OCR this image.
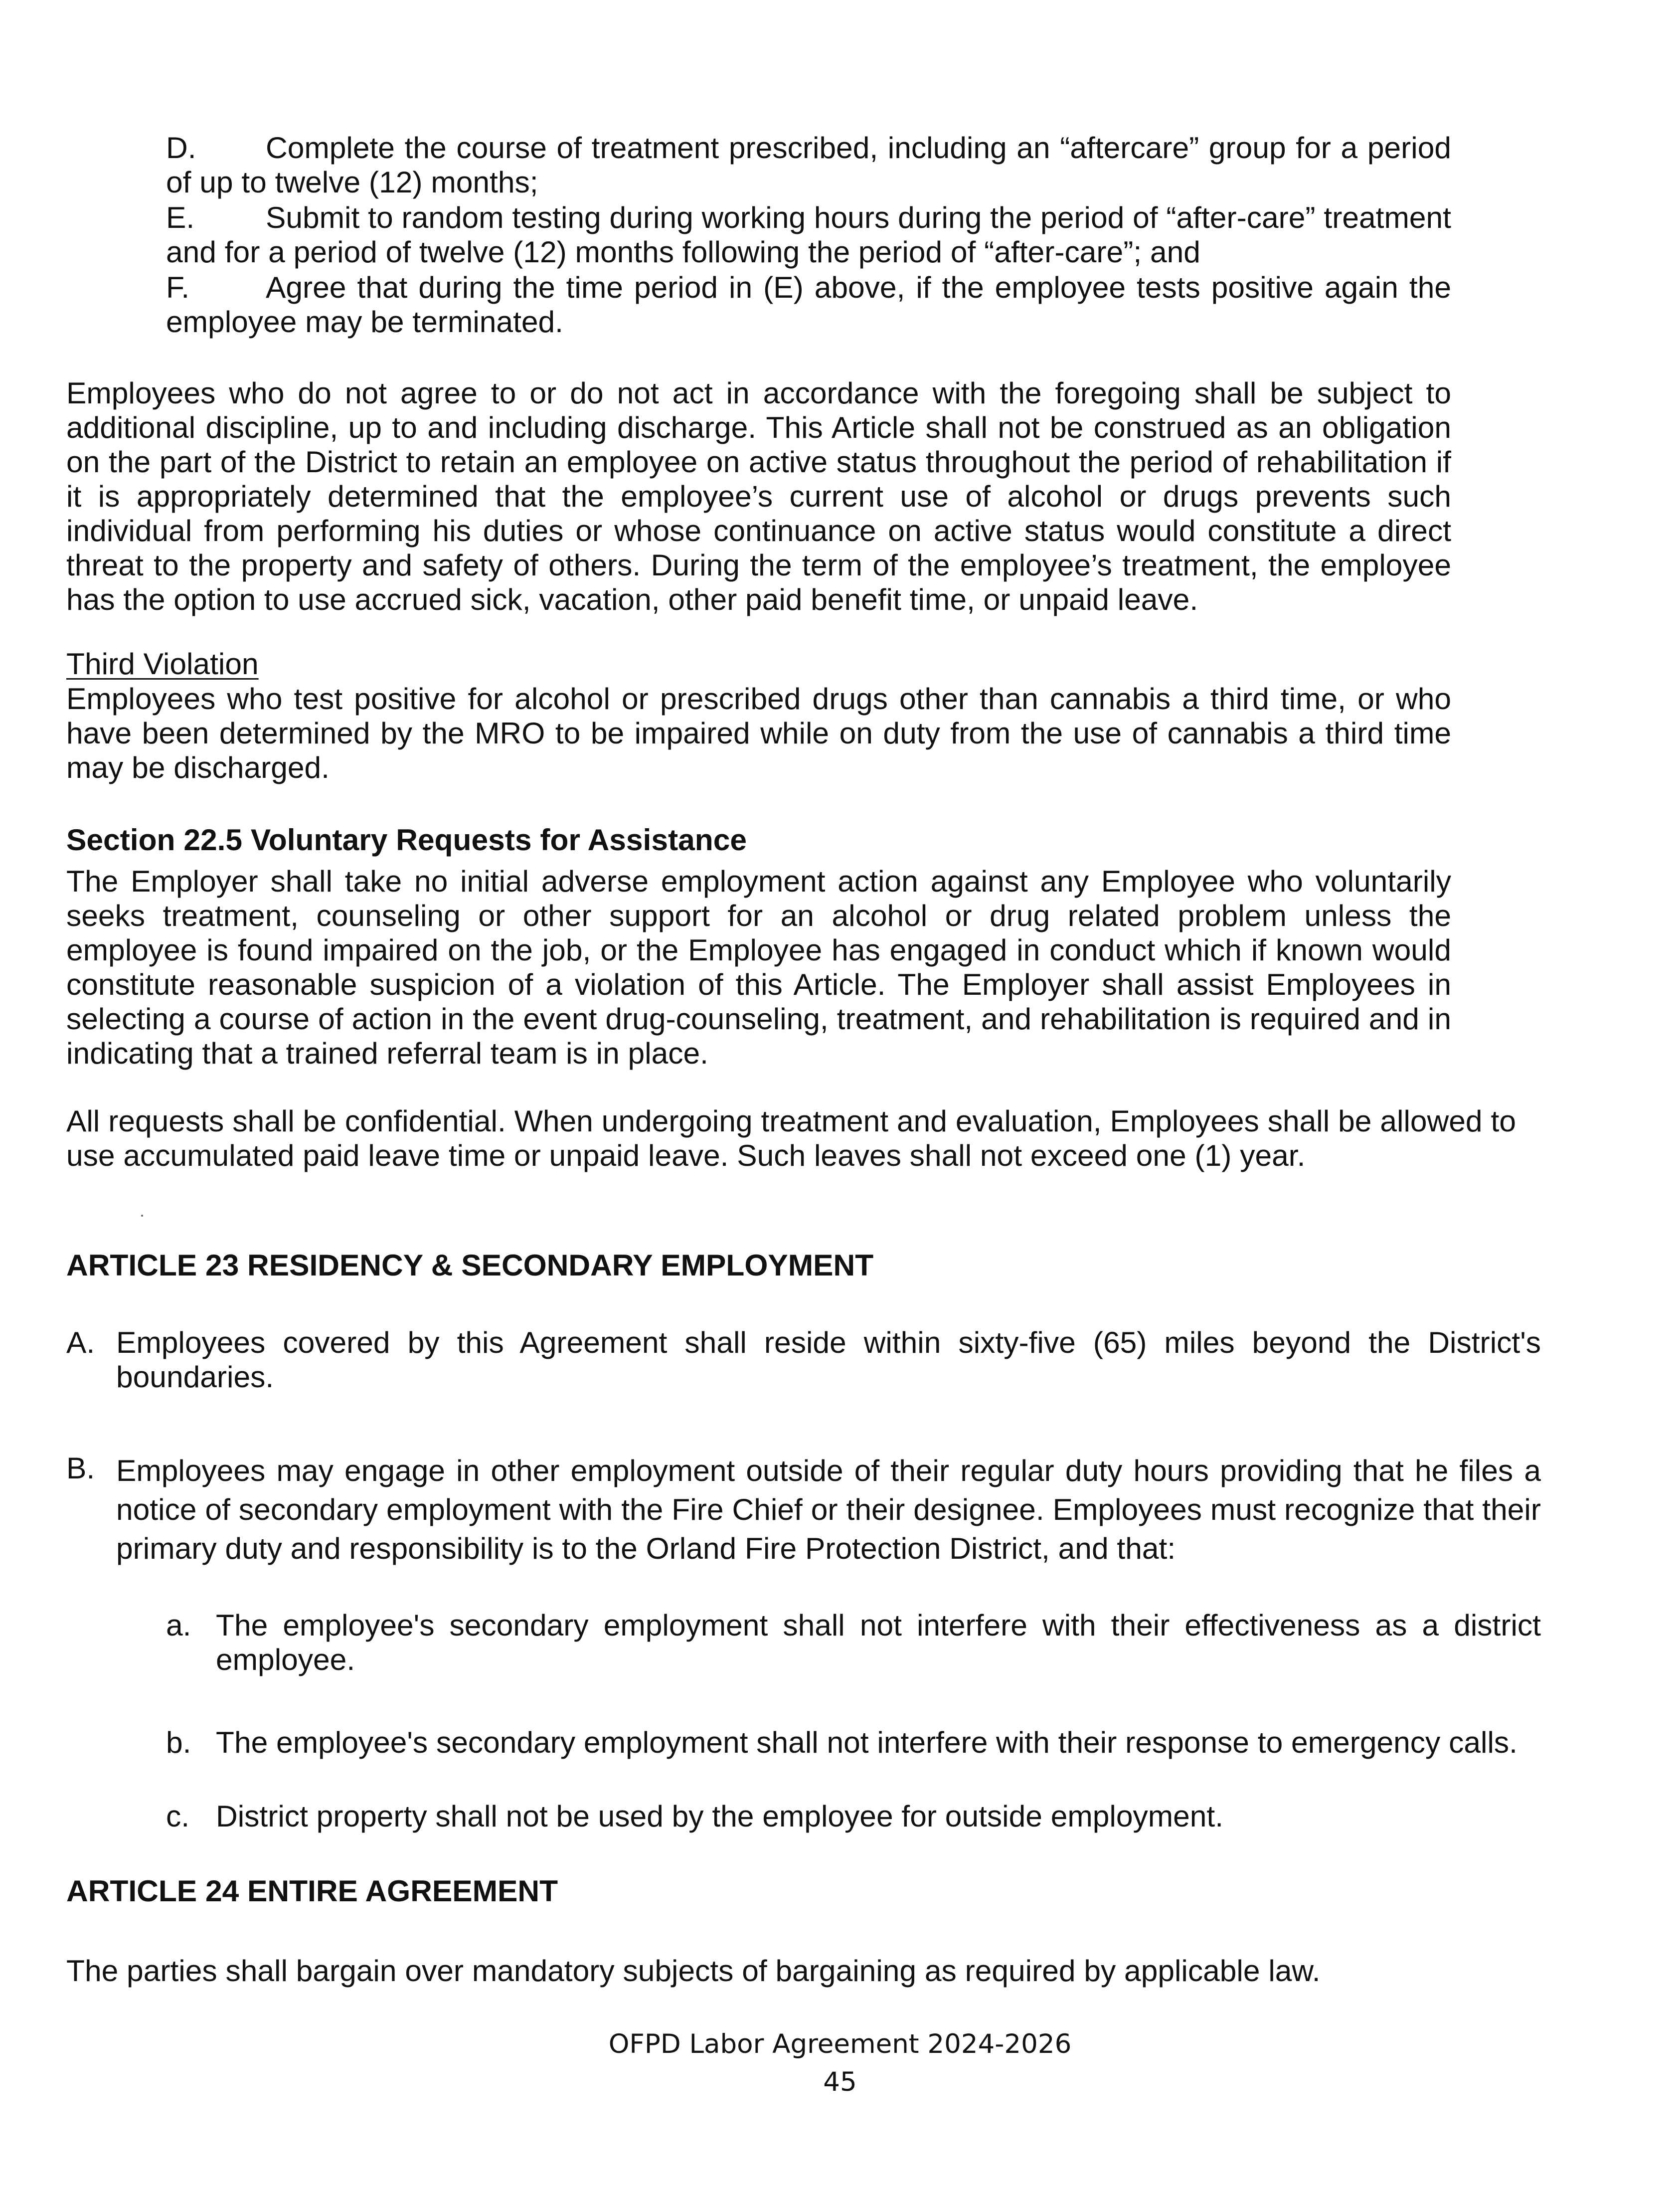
D. Complete the course of treatment prescribed, including an “aftercare” group for a period of up to twelve (12) months;
E. Submit to random testing during working hours during the period of “after-care” treatment and for a period of twelve (12) months following the period of “after-care”; and
F.	Agree that during the time period in (E) above, if the employee tests positive again the employee may be terminated.

Employees who do not agree to or do not act in accordance with the foregoing shall be subject to additional discipline, up to and including discharge. This Article shall not be construed as an obligation on the part of the District to retain an employee on active status throughout the period of rehabilitation if it is appropriately determined that the employee’s current use of alcohol or drugs prevents such individual from performing his duties or whose continuance on active status would constitute a direct threat to the property and safety of others. During the term of the employee’s treatment, the employee has the option to use accrued sick, vacation, other paid benefit time, or unpaid leave.

Third Violation

Employees who test positive for alcohol or prescribed drugs other than cannabis a third time, or who have been determined by the MRO to be impaired while on duty from the use of cannabis a third time may be discharged.

Section 22.5 Voluntary Requests for Assistance

The Employer shall take no initial adverse employment action against any Employee who voluntarily seeks treatment, counseling or other support for an alcohol or drug related problem unless the employee is found impaired on the job, or the Employee has engaged in conduct which if known would constitute reasonable suspicion of a violation of this Article. The Employer shall assist Employees in selecting a course of action in the event drug-counseling, treatment, and rehabilitation is required and in indicating that a trained referral team is in place.

All requests shall be confidential. When undergoing treatment and evaluation, Employees shall be allowed to use accumulated paid leave time or unpaid leave. Such leaves shall not exceed one (1) year.

ARTICLE 23 RESIDENCY & SECONDARY EMPLOYMENT
A. Employees covered by this Agreement shall reside within sixty-five (65) miles beyond the District's boundaries.
B. Employees may engage in other employment outside of their regular duty hours providing that he files a notice of secondary employment with the Fire Chief or their designee. Employees must recognize that their primary duty and responsibility is to the Orland Fire Protection District, and that:
a. The employee's secondary employment shall not interfere with their effectiveness as a district employee.
b. The employee's secondary employment shall not interfere with their response to emergency calls.
c. District property shall not be used by the employee for outside employment.
ARTICLE 24 ENTIRE AGREEMENT

The parties shall bargain over mandatory subjects of bargaining as required by applicable law.

OFPD Labor Agreement 2024-2026
45
